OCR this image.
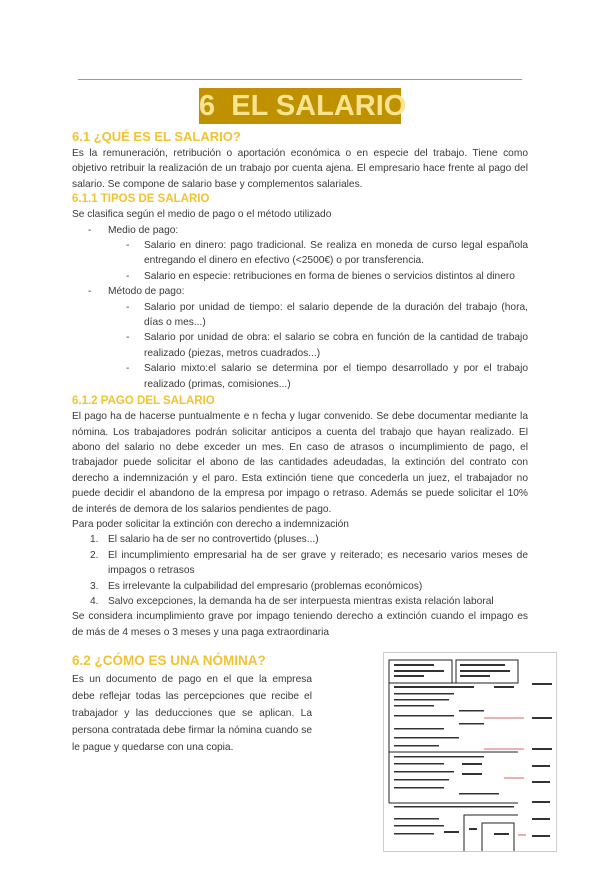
6  EL SALARIO
6.1 ¿QUÉ ES EL SALARIO?

Es la remuneración, retribución o aportación económica o en especie del trabajo. Tiene como objetivo retribuir la realización de un trabajo por cuenta ajena. El empresario hace frente al pago del salario. Se compone de salario base y complementos salariales.

6.1.1 TIPOS DE SALARIO

Se clasifica según el medio de pago o el método utilizado

- Medio de pago:
- Salario en dinero: pago tradicional. Se realiza en moneda de curso legal española entregando el dinero en efectivo (<2500€) o por transferencia.
- Salario en especie: retribuciones en forma de bienes o servicios distintos al dinero
- Método de pago:
- Salario por unidad de tiempo: el salario depende de la duración del trabajo (hora, días o mes...)
- Salario por unidad de obra: el salario se cobra en función de la cantidad de trabajo realizado (piezas, metros cuadrados...)
- Salario mixto:el salario se determina por el tiempo desarrollado y por el trabajo realizado (primas, comisiones...)
6.1.2 PAGO DEL SALARIO

El pago ha de hacerse puntualmente e n fecha y lugar convenido. Se debe documentar mediante la nómina. Los trabajadores podrán solicitar anticipos a cuenta del trabajo que hayan realizado. El abono del salario no debe exceder un mes. En caso de atrasos o incumplimiento de pago, el trabajador puede solicitar el abono de las cantidades adeudadas, la extinción del contrato con derecho a indemnización y el paro. Esta extinción tiene que concederla un juez, el trabajador no puede decidir el abandono de la empresa por impago o retraso. Además se puede solicitar el 10% de interés de demora de los salarios pendientes de pago.

Para poder solicitar la extinción con derecho a indemnización

1. El salario ha de ser no controvertido (pluses...)
2. El incumplimiento empresarial ha de ser grave y reiterado; es necesario varios meses de impagos o retrasos
3. Es irrelevante la culpabilidad del empresario (problemas económicos)
4. Salvo excepciones, la demanda ha de ser interpuesta mientras exista relación laboral

Se considera incumplimiento grave por impago teniendo derecho a extinción cuando el impago es de más de 4 meses o 3 meses y una paga extraordinaria

6.2 ¿CÓMO ES UNA NÓMINA?

Es un documento de pago en el que la empresa debe reflejar todas las percepciones que recibe el trabajador y las deducciones que se aplican. La persona contratada debe firmar la nómina cuando se le pague y quedarse con una copia.
